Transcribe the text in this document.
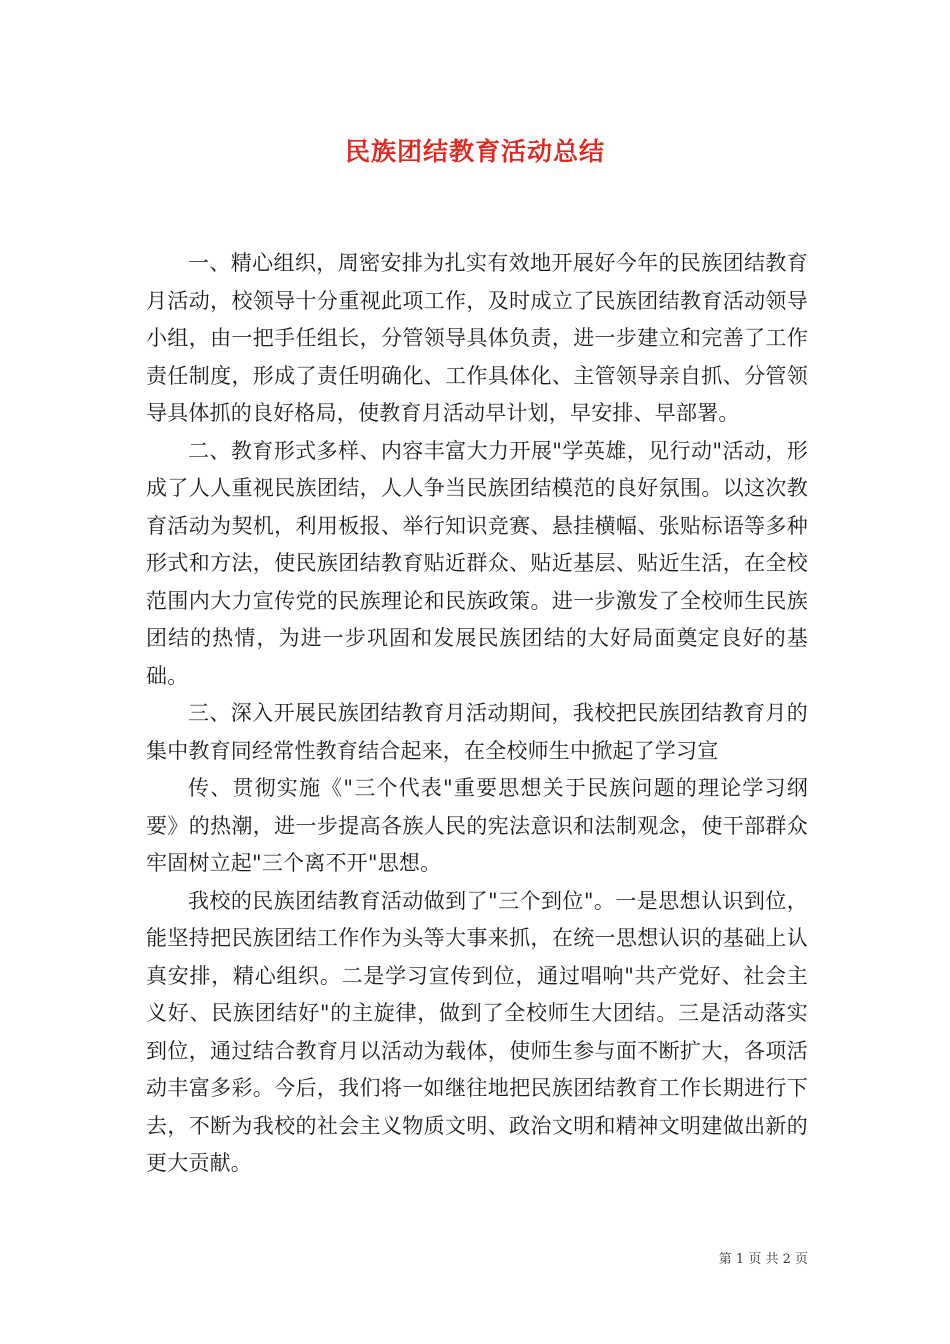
民族团结教育活动总结

一、精心组织，周密安排为扎实有效地开展好今年的民族团结教育月活动，校领导十分重视此项工作，及时成立了民族团结教育活动领导小组，由一把手任组长，分管领导具体负责，进一步建立和完善了工作责任制度，形成了责任明确化、工作具体化、主管领导亲自抓、分管领导具体抓的良好格局，使教育月活动早计划，早安排、早部署。

二、教育形式多样、内容丰富大力开展"学英雄，见行动"活动，形成了人人重视民族团结，人人争当民族团结模范的良好氛围。以这次教育活动为契机，利用板报、举行知识竞赛、悬挂横幅、张贴标语等多种形式和方法，使民族团结教育贴近群众、贴近基层、贴近生活，在全校范围内大力宣传党的民族理论和民族政策。进一步激发了全校师生民族团结的热情，为进一步巩固和发展民族团结的大好局面奠定良好的基础。

三、深入开展民族团结教育月活动期间，我校把民族团结教育月的集中教育同经常性教育结合起来，在全校师生中掀起了学习宣

传、贯彻实施《"三个代表"重要思想关于民族问题的理论学习纲要》的热潮，进一步提高各族人民的宪法意识和法制观念，使干部群众牢固树立起"三个离不开"思想。

我校的民族团结教育活动做到了"三个到位"。一是思想认识到位，能坚持把民族团结工作作为头等大事来抓，在统一思想认识的基础上认真安排，精心组织。二是学习宣传到位，通过唱响"共产党好、社会主义好、民族团结好"的主旋律，做到了全校师生大团结。三是活动落实到位，通过结合教育月以活动为载体，使师生参与面不断扩大，各项活动丰富多彩。今后，我们将一如继往地把民族团结教育工作长期进行下去，不断为我校的社会主义物质文明、政治文明和精神文明建做出新的更大贡献。

第 1 页 共 2 页
